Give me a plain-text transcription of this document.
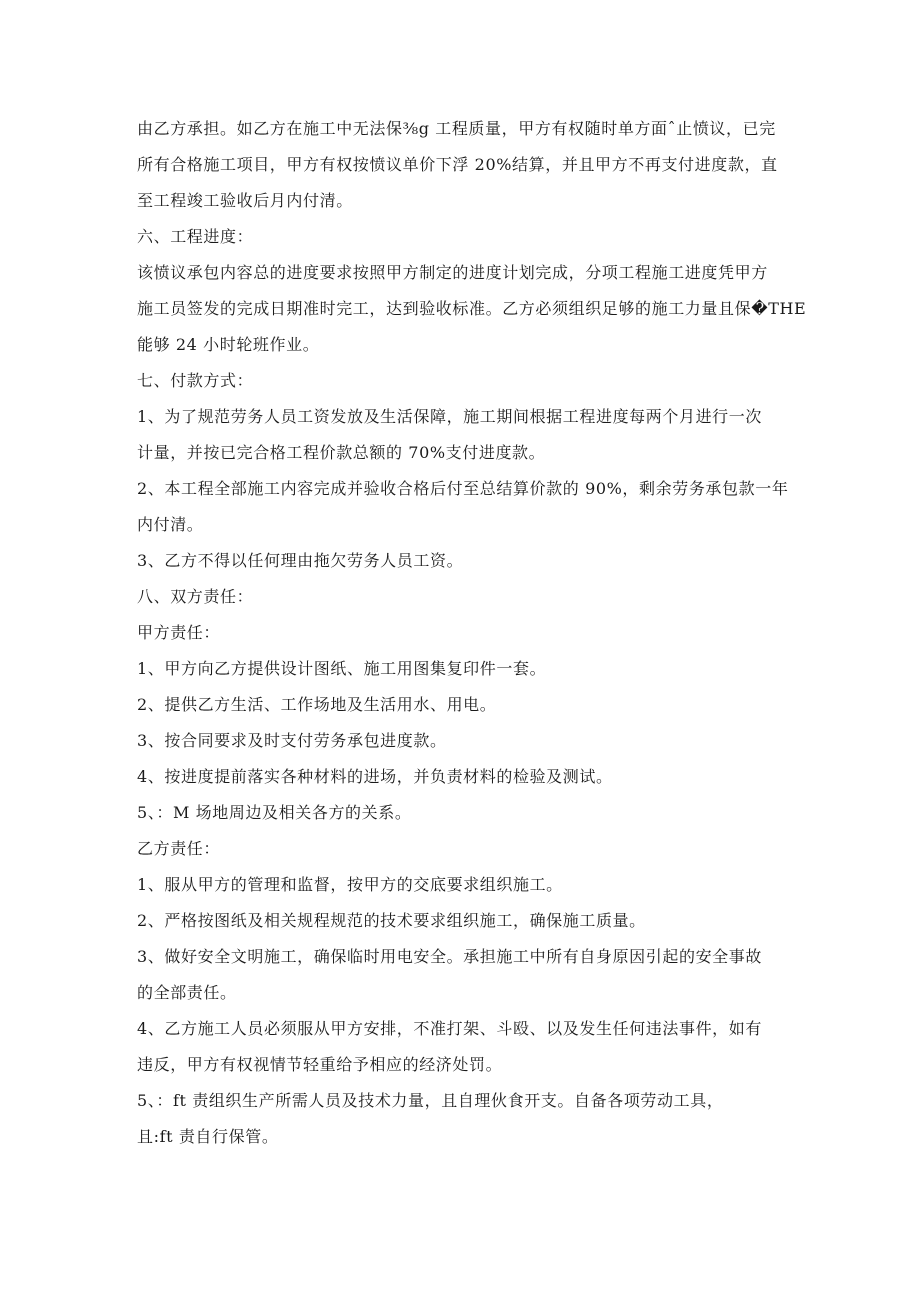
由乙方承担。如乙方在施工中无法保⅜g 工程质量，甲方有权随时单方面ˆ止愤议，已完
所有合格施工项目，甲方有权按愤议单价下浮 20%结算，并且甲方不再支付进度款，直
至工程竣工验收后月内付清。
六、工程进度：
该愤议承包内容总的进度要求按照甲方制定的进度计划完成，分项工程施工进度凭甲方
施工员签发的完成日期准时完工，达到验收标准。乙方必须组织足够的施工力量且保�THE
能够 24 小时轮班作业。
七、付款方式：
1、为了规范劳务人员工资发放及生活保障，施工期间根据工程进度每两个月进行一次
计量，并按已完合格工程价款总额的 70%支付进度款。
2、本工程全部施工内容完成并验收合格后付至总结算价款的 90%，剩余劳务承包款一年
内付清。
3、乙方不得以任何理由拖欠劳务人员工资。
八、双方责任：
甲方责任：
1、甲方向乙方提供设计图纸、施工用图集复印件一套。
2、提供乙方生活、工作场地及生活用水、用电。
3、按合同要求及时支付劳务承包进度款。
4、按进度提前落实各种材料的进场，并负责材料的检验及测试。
5、：M 场地周边及相关各方的关系。
乙方责任：
1、服从甲方的管理和监督，按甲方的交底要求组织施工。
2、严格按图纸及相关规程规范的技术要求组织施工，确保施工质量。
3、做好安全文明施工，确保临时用电安全。承担施工中所有自身原因引起的安全事故
的全部责任。
4、乙方施工人员必须服从甲方安排，不准打架、斗殴、以及发生任何违法事件，如有
违反，甲方有权视情节轻重给予相应的经济处罚。
5、：ft 责组织生产所需人员及技术力量，且自理伙食开支。自备各项劳动工具，
且:ft 责自行保管。
